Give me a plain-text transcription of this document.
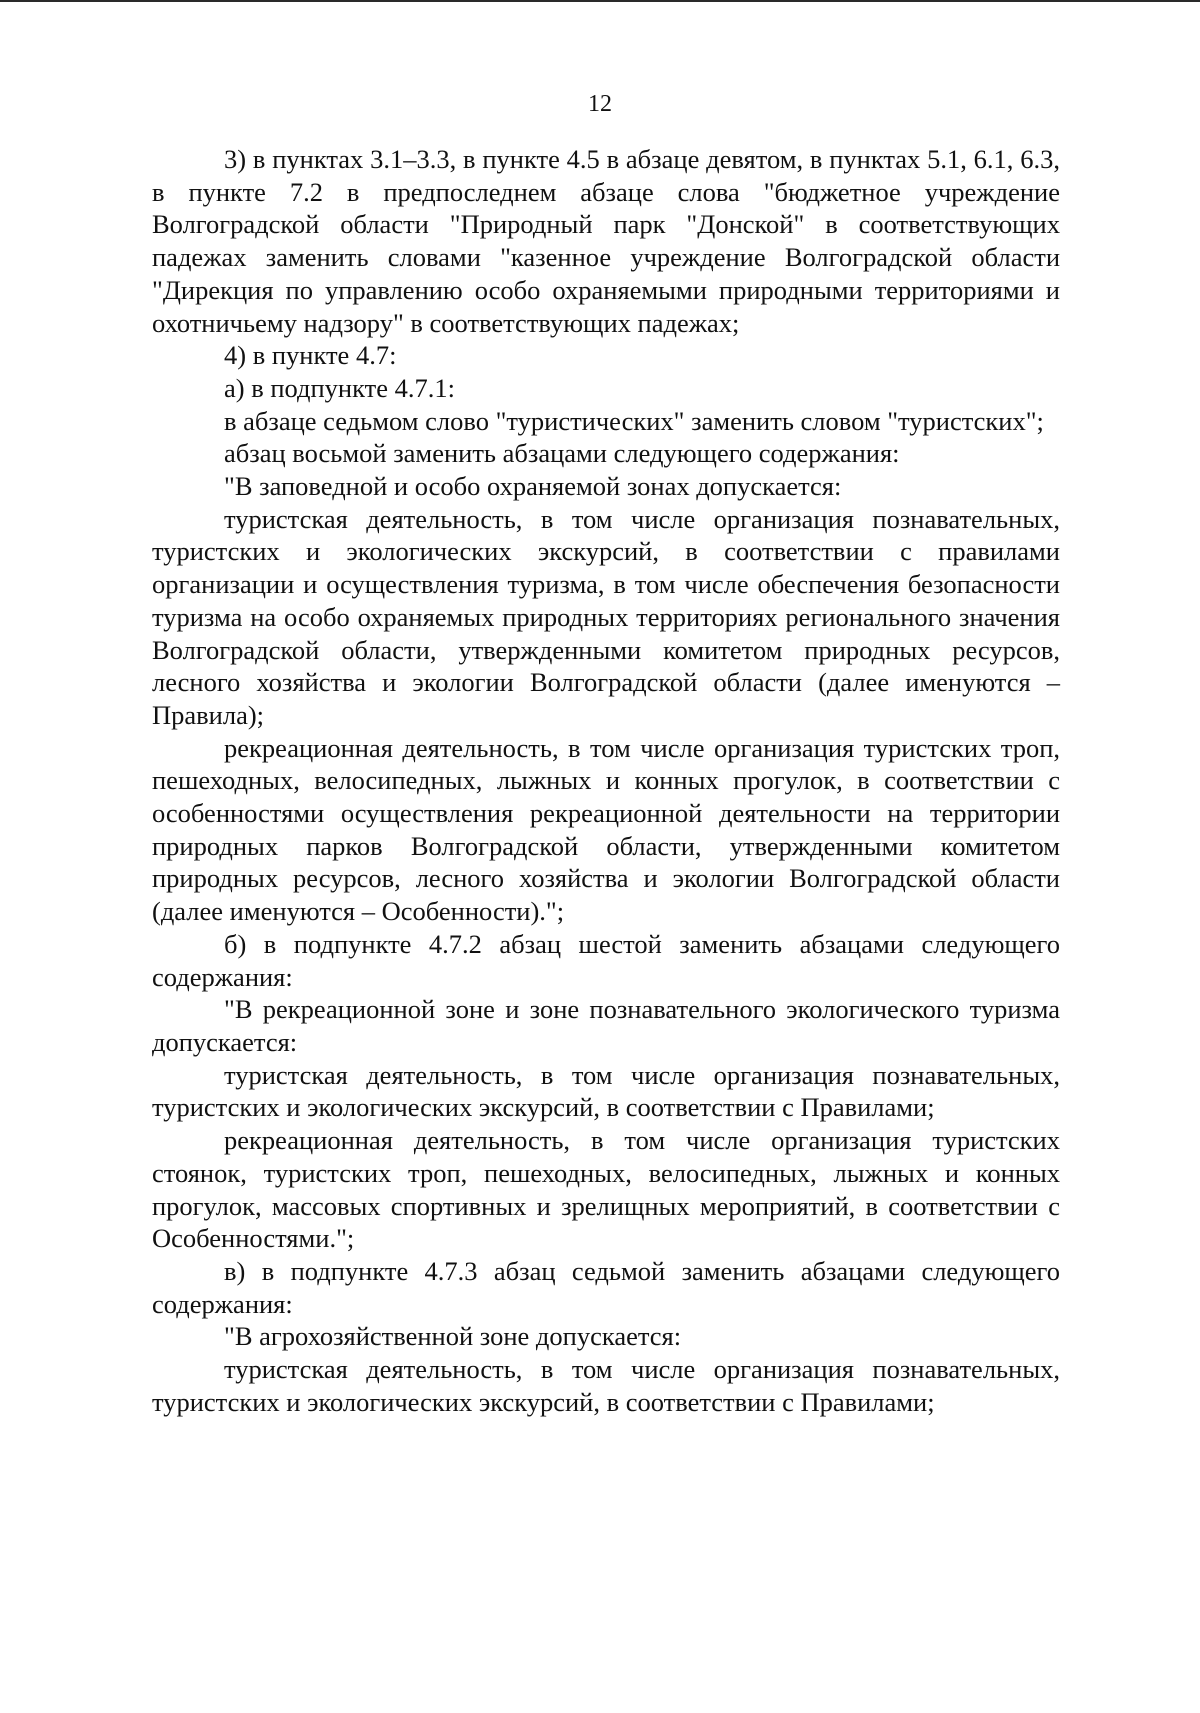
12

3) в пунктах 3.1–3.3, в пункте 4.5 в абзаце девятом, в пунктах 5.1, 6.1, 6.3, в пункте 7.2 в предпоследнем абзаце слова "бюджетное учреждение Волгоградской области "Природный парк "Донской" в соответствующих падежах заменить словами "казенное учреждение Волгоградской области "Дирекция по управлению особо охраняемыми природными территориями и охотничьему надзору" в соответствующих падежах;

4) в пункте 4.7:

а) в подпункте 4.7.1:

в абзаце седьмом слово "туристических" заменить словом "туристских";

абзац восьмой заменить абзацами следующего содержания:

"В заповедной и особо охраняемой зонах допускается:

туристская деятельность, в том числе организация познавательных, туристских и экологических экскурсий, в соответствии с правилами организации и осуществления туризма, в том числе обеспечения безопасности туризма на особо охраняемых природных территориях регионального значения Волгоградской области, утвержденными комитетом природных ресурсов, лесного хозяйства и экологии Волгоградской области (далее именуются – Правила);

рекреационная деятельность, в том числе организация туристских троп, пешеходных, велосипедных, лыжных и конных прогулок, в соответствии с особенностями осуществления рекреационной деятельности на территории природных парков Волгоградской области, утвержденными комитетом природных ресурсов, лесного хозяйства и экологии Волгоградской области (далее именуются – Особенности).";

б) в подпункте 4.7.2 абзац шестой заменить абзацами следующего содержания:

"В рекреационной зоне и зоне познавательного экологического туризма допускается:

туристская деятельность, в том числе организация познавательных, туристских и экологических экскурсий, в соответствии с Правилами;

рекреационная деятельность, в том числе организация туристских стоянок, туристских троп, пешеходных, велосипедных, лыжных и конных прогулок, массовых спортивных и зрелищных мероприятий, в соответствии с Особенностями.";

в) в подпункте 4.7.3 абзац седьмой заменить абзацами следующего содержания:

"В агрохозяйственной зоне допускается:

туристская деятельность, в том числе организация познавательных, туристских и экологических экскурсий, в соответствии с Правилами;
